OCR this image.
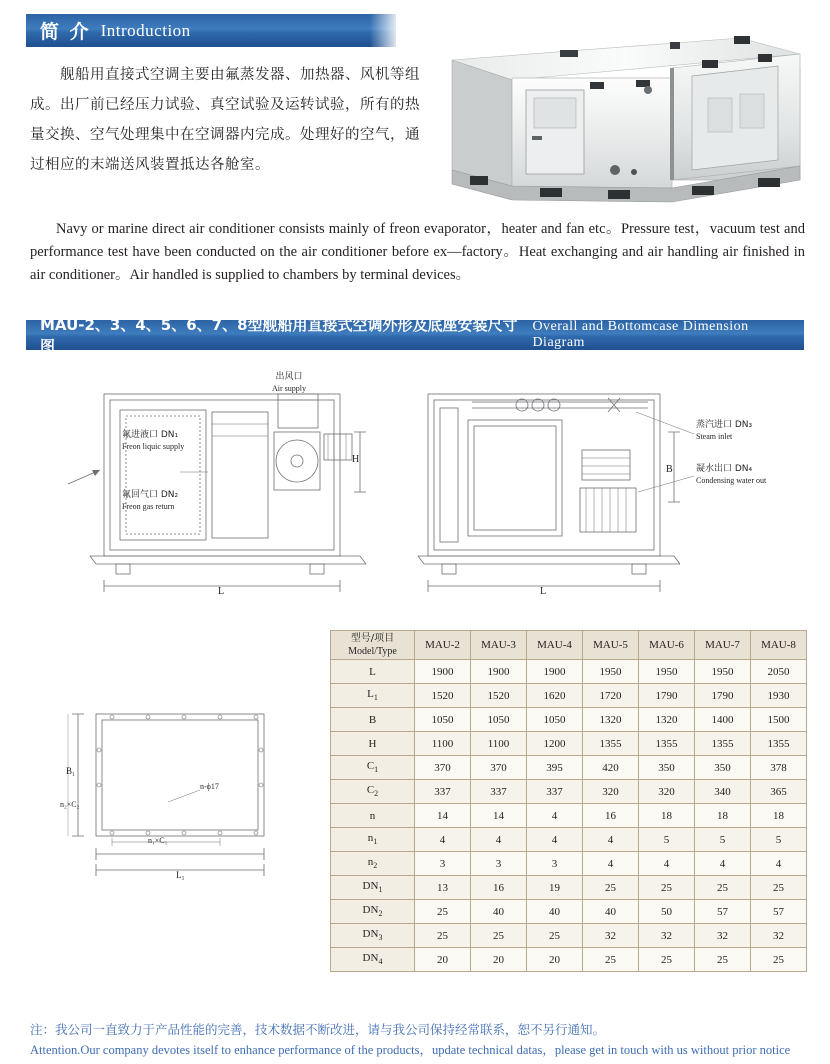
简 介 Introduction
舰船用直接式空调主要由氟蒸发器、加热器、风机等组成。出厂前已经压力试验、真空试验及运转试验，所有的热量交换、空气处理集中在空调器内完成。处理好的空气，通过相应的末端送风装置抵达各舱室。
Navy or marine direct air conditioner consists mainly of freon evaporator，heater and fan etc。Pressure test，vacuum test and performance test have been conducted on the air conditioner before ex—factory。Heat exchanging and air handling air finished in air conditioner。Air handled is supplied to chambers by terminal devices。
MAU-2、3、4、5、6、7、8型舰船用直接式空调外形及底座安装尺寸图
Overall and Bottomcase Dimension Diagram
氟进液口 DN₁
Freon liquic supply
氟回气口 DN₂
Freon gas return
出风口
Air supply
H
L
蒸汽进口 DN₃
Steam inlet
凝水出口 DN₄
Condensing water out
B
L
n-ϕ17
B₁
L₁
n₁×C₁
n₂×C₂
型号/项目
Model/Type	MAU-2	MAU-3	MAU-4	MAU-5	MAU-6	MAU-7	MAU-8
L	1900	1900	1900	1950	1950	1950	2050
$L_1$	1520	1520	1620	1720	1790	1790	1930
B	1050	1050	1050	1320	1320	1400	1500
H	1100	1100	1200	1355	1355	1355	1355
$C_1$	370	370	395	420	350	350	378
$C_2$	337	337	337	320	320	340	365
n	14	14	4	16	18	18	18
$n_1$	4	4	4	4	5	5	5
$n_2$	3	3	3	4	4	4	4
$DN_1$	13	16	19	25	25	25	25
$DN_2$	25	40	40	40	50	57	57
$DN_3$	25	25	25	32	32	32	32
$DN_4$	20	20	20	25	25	25	25
注：我公司一直致力于产品性能的完善，技术数据不断改进，请与我公司保持经常联系，恕不另行通知。
Attention.Our company devotes itself to enhance performance of the products，update technical datas，please get in touch with us without prior notice
